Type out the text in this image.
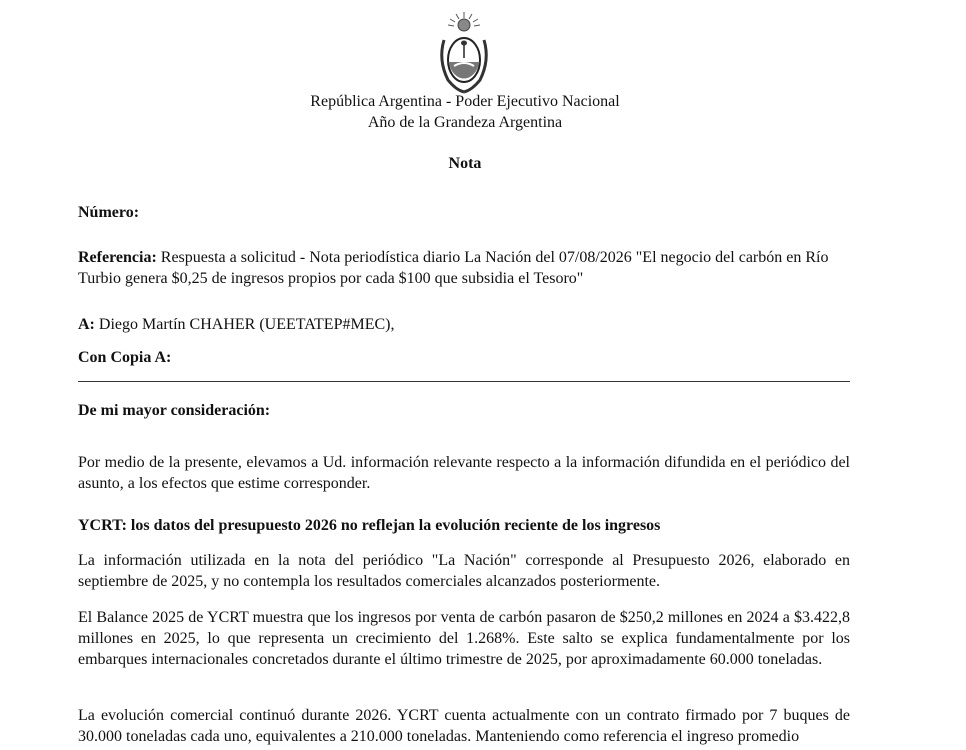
República Argentina - Poder Ejecutivo Nacional
Año de la Grandeza Argentina
Nota
Número:
Referencia: Respuesta a solicitud - Nota periodística diario La Nación del 07/08/2026 "El negocio del carbón en Río Turbio genera $0,25 de ingresos propios por cada $100 que subsidia el Tesoro"
A: Diego Martín CHAHER (UEETATEP#MEC),
Con Copia A:
De mi mayor consideración:
Por medio de la presente, elevamos a Ud. información relevante respecto a la información difundida en el periódico del asunto, a los efectos que estime corresponder.
YCRT: los datos del presupuesto 2026 no reflejan la evolución reciente de los ingresos
La información utilizada en la nota del periódico "La Nación" corresponde al Presupuesto 2026, elaborado en septiembre de 2025, y no contempla los resultados comerciales alcanzados posteriormente.
El Balance 2025 de YCRT muestra que los ingresos por venta de carbón pasaron de $250,2 millones en 2024 a $3.422,8 millones en 2025, lo que representa un crecimiento del 1.268%. Este salto se explica fundamentalmente por los embarques internacionales concretados durante el último trimestre de 2025, por aproximadamente 60.000 toneladas.
La evolución comercial continuó durante 2026. YCRT cuenta actualmente con un contrato firmado por 7 buques de 30.000 toneladas cada uno, equivalentes a 210.000 toneladas. Manteniendo como referencia el ingreso promedio
